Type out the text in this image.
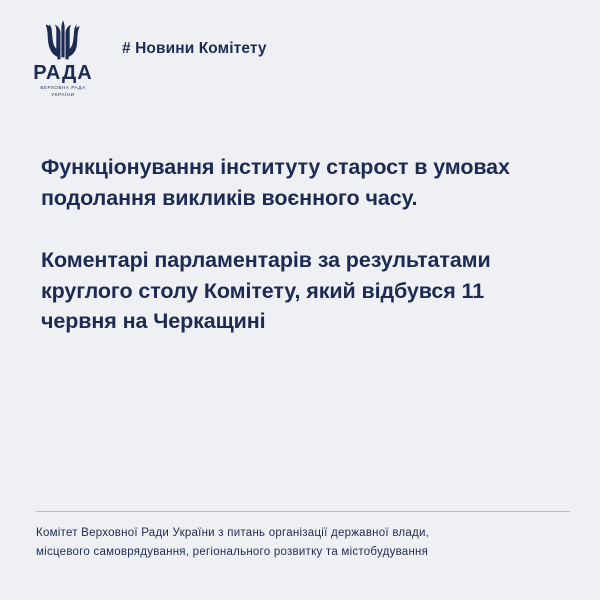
РАДА
ВЕРХОВНА РАДА
УКРАЇНИ
# Новини Комітету
Функціонування інституту старост в умовах подолання викликів воєнного часу.
Коментарі парламентарів за результатами круглого столу Комітету, який відбувся 11 червня на Черкащині
Комітет Верховної Ради України з питань організації державної влади,
місцевого самоврядування, регіонального розвитку та містобудування
